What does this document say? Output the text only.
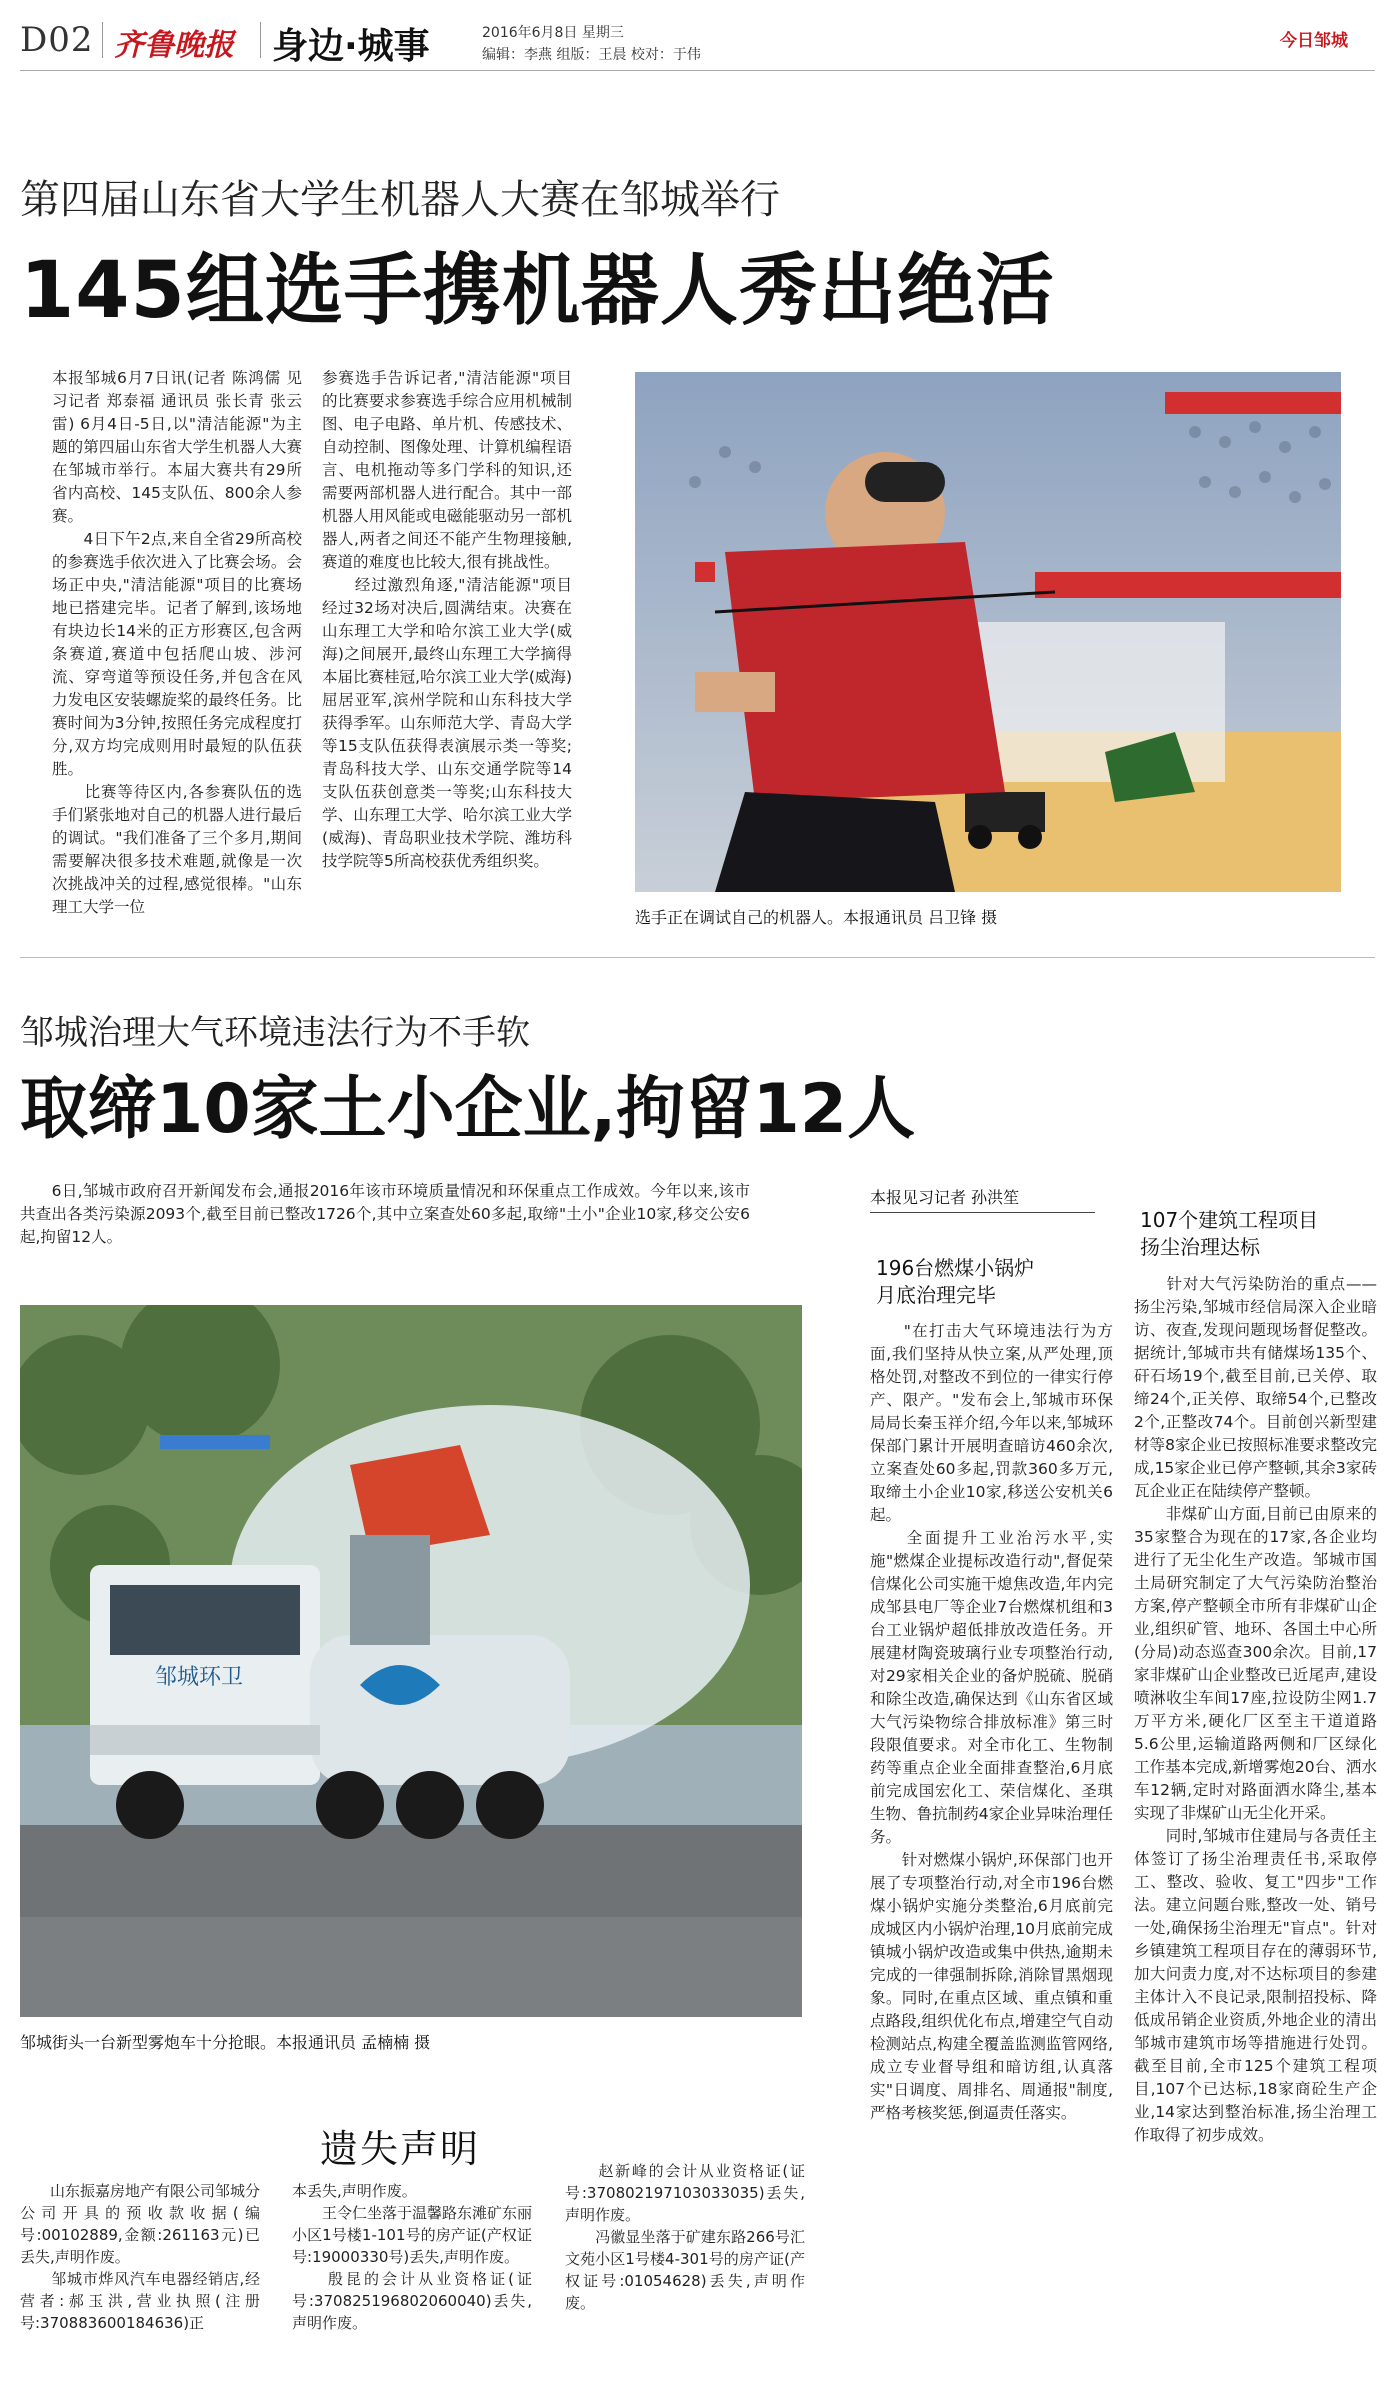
D02 齐鲁晚报 身边·城事	2016年6月8日 星期三
编辑：李燕 组版：王晨 校对：于伟
今日邹城
第四届山东省大学生机器人大赛在邹城举行
145组选手携机器人秀出绝活
本报邹城6月7日讯(记者 陈鸿儒 见习记者 郑泰福 通讯员 张长青 张云雷) 6月4日-5日,以"清洁能源"为主题的第四届山东省大学生机器人大赛在邹城市举行。本届大赛共有29所省内高校、145支队伍、800余人参赛。
　　4日下午2点,来自全省29所高校的参赛选手依次进入了比赛会场。会场正中央,"清洁能源"项目的比赛场地已搭建完毕。记者了解到,该场地有块边长14米的正方形赛区,包含两条赛道,赛道中包括爬山坡、涉河流、穿弯道等预设任务,并包含在风力发电区安装螺旋桨的最终任务。比赛时间为3分钟,按照任务完成程度打分,双方均完成则用时最短的队伍获胜。
　　比赛等待区内,各参赛队伍的选手们紧张地对自己的机器人进行最后的调试。"我们准备了三个多月,期间需要解决很多技术难题,就像是一次次挑战冲关的过程,感觉很棒。"山东理工大学一位
参赛选手告诉记者,"清洁能源"项目的比赛要求参赛选手综合应用机械制图、电子电路、单片机、传感技术、自动控制、图像处理、计算机编程语言、电机拖动等多门学科的知识,还需要两部机器人进行配合。其中一部机器人用风能或电磁能驱动另一部机器人,两者之间还不能产生物理接触,赛道的难度也比较大,很有挑战性。
　　经过激烈角逐,"清洁能源"项目经过32场对决后,圆满结束。决赛在山东理工大学和哈尔滨工业大学(威海)之间展开,最终山东理工大学摘得本届比赛桂冠,哈尔滨工业大学(威海)屈居亚军,滨州学院和山东科技大学获得季军。山东师范大学、青岛大学等15支队伍获得表演展示类一等奖;青岛科技大学、山东交通学院等14支队伍获创意类一等奖;山东科技大学、山东理工大学、哈尔滨工业大学(威海)、青岛职业技术学院、潍坊科技学院等5所高校获优秀组织奖。
选手正在调试自己的机器人。本报通讯员 吕卫锋 摄
邹城治理大气环境违法行为不手软
取缔10家土小企业,拘留12人
　　6日,邹城市政府召开新闻发布会,通报2016年该市环境质量情况和环保重点工作成效。今年以来,该市共查出各类污染源2093个,截至目前已整改1726个,其中立案查处60多起,取缔"土小"企业10家,移交公安6起,拘留12人。
邹城环卫
邹城街头一台新型雾炮车十分抢眼。本报通讯员 孟楠楠 摄
本报见习记者 孙洪笙
196台燃煤小锅炉
月底治理完毕
　　"在打击大气环境违法行为方面,我们坚持从快立案,从严处理,顶格处罚,对整改不到位的一律实行停产、限产。"发布会上,邹城市环保局局长秦玉祥介绍,今年以来,邹城环保部门累计开展明查暗访460余次,立案查处60多起,罚款360多万元,取缔土小企业10家,移送公安机关6起。
　　全面提升工业治污水平,实施"燃煤企业提标改造行动",督促荣信煤化公司实施干熄焦改造,年内完成邹县电厂等企业7台燃煤机组和3台工业锅炉超低排放改造任务。开展建材陶瓷玻璃行业专项整治行动,对29家相关企业的备炉脱硫、脱硝和除尘改造,确保达到《山东省区域大气污染物综合排放标准》第三时段限值要求。对全市化工、生物制药等重点企业全面排查整治,6月底前完成国宏化工、荣信煤化、圣琪生物、鲁抗制药4家企业异味治理任务。
　　针对燃煤小锅炉,环保部门也开展了专项整治行动,对全市196台燃煤小锅炉实施分类整治,6月底前完成城区内小锅炉治理,10月底前完成镇城小锅炉改造或集中供热,逾期未完成的一律强制拆除,消除冒黑烟现象。同时,在重点区域、重点镇和重点路段,组织优化布点,增建空气自动检测站点,构建全覆盖监测监管网络,成立专业督导组和暗访组,认真落实"日调度、周排名、周通报"制度,严格考核奖惩,倒逼责任落实。
107个建筑工程项目
扬尘治理达标
　　针对大气污染防治的重点——扬尘污染,邹城市经信局深入企业暗访、夜查,发现问题现场督促整改。据统计,邹城市共有储煤场135个、矸石场19个,截至目前,已关停、取缔24个,正关停、取缔54个,已整改2个,正整改74个。目前创兴新型建材等8家企业已按照标准要求整改完成,15家企业已停产整顿,其余3家砖瓦企业正在陆续停产整顿。
　　非煤矿山方面,目前已由原来的35家整合为现在的17家,各企业均进行了无尘化生产改造。邹城市国土局研究制定了大气污染防治整治方案,停产整顿全市所有非煤矿山企业,组织矿管、地环、各国土中心所(分局)动态巡查300余次。目前,17家非煤矿山企业整改已近尾声,建设喷淋收尘车间17座,拉设防尘网1.7万平方米,硬化厂区至主干道道路5.6公里,运输道路两侧和厂区绿化工作基本完成,新增雾炮20台、洒水车12辆,定时对路面洒水降尘,基本实现了非煤矿山无尘化开采。
　　同时,邹城市住建局与各责任主体签订了扬尘治理责任书,采取停工、整改、验收、复工"四步"工作法。建立问题台账,整改一处、销号一处,确保扬尘治理无"盲点"。针对乡镇建筑工程项目存在的薄弱环节,加大问责力度,对不达标项目的参建主体计入不良记录,限制招投标、降低成吊销企业资质,外地企业的清出邹城市建筑市场等措施进行处罚。截至目前,全市125个建筑工程项目,107个已达标,18家商砼生产企业,14家达到整治标准,扬尘治理工作取得了初步成效。
遗失声明
　　山东振嘉房地产有限公司邹城分公司开具的预收款收据(编号:00102889,金额:261163元)已丢失,声明作废。
　　邹城市烨风汽车电器经销店,经营者:郝玉洪,营业执照(注册号:370883600184636)正
本丢失,声明作废。
　　王令仁坐落于温馨路东滩矿东丽小区1号楼1-101号的房产证(产权证号:19000330号)丢失,声明作废。
　　殷昆的会计从业资格证(证号:370825196802060040)丢失,声明作废。
　　赵新峰的会计从业资格证(证号:370802197103033035)丢失,声明作废。
　　冯徽显坐落于矿建东路266号汇文苑小区1号楼4-301号的房产证(产权证号:01054628)丢失,声明作废。
